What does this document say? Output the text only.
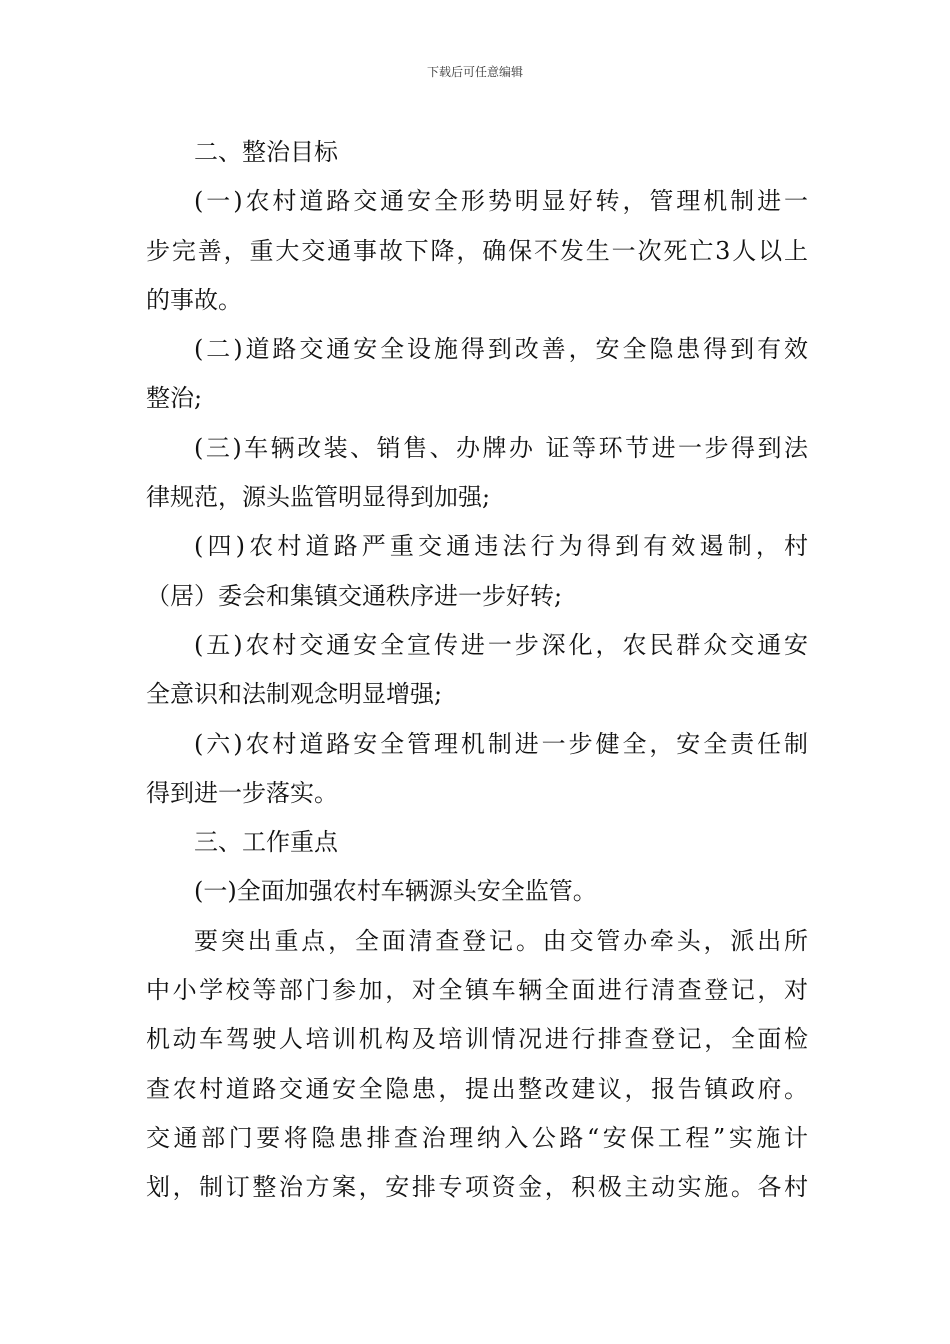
下载后可任意编辑
二、整治目标
(一)农村道路交通安全形势明显好转，管理机制进一
步完善，重大交通事故下降，确保不发生一次死亡3人以上
的事故。
(二)道路交通安全设施得到改善，安全隐患得到有效
整治;
(三)车辆改装、销售、办牌办 证等环节进一步得到法
律规范，源头监管明显得到加强;
(四)农村道路严重交通违法行为得到有效遏制，村
（居）委会和集镇交通秩序进一步好转;
(五)农村交通安全宣传进一步深化，农民群众交通安
全意识和法制观念明显增强;
(六)农村道路安全管理机制进一步健全，安全责任制
得到进一步落实。
三、工作重点
(一)全面加强农村车辆源头安全监管。
要突出重点，全面清查登记。由交管办牵头，派出所
中小学校等部门参加，对全镇车辆全面进行清查登记，对
机动车驾驶人培训机构及培训情况进行排查登记，全面检
查农村道路交通安全隐患，提出整改建议，报告镇政府。
交通部门要将隐患排查治理纳入公路“安保工程”实施计
划，制订整治方案，安排专项资金，积极主动实施。各村
